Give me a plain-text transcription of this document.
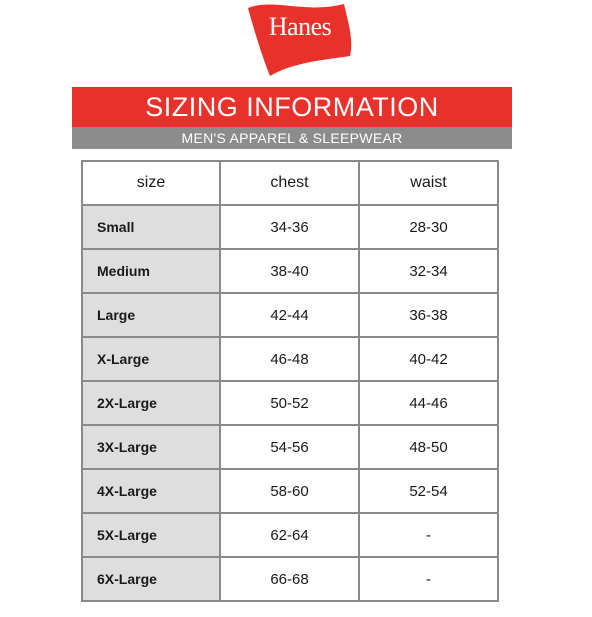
Hanes
SIZING INFORMATION
MEN'S APPAREL & SLEEPWEAR
size	chest	waist
Small	34-36	28-30
Medium	38-40	32-34
Large	42-44	36-38
X-Large	46-48	40-42
2X-Large	50-52	44-46
3X-Large	54-56	48-50
4X-Large	58-60	52-54
5X-Large	62-64	-
6X-Large	66-68	-
